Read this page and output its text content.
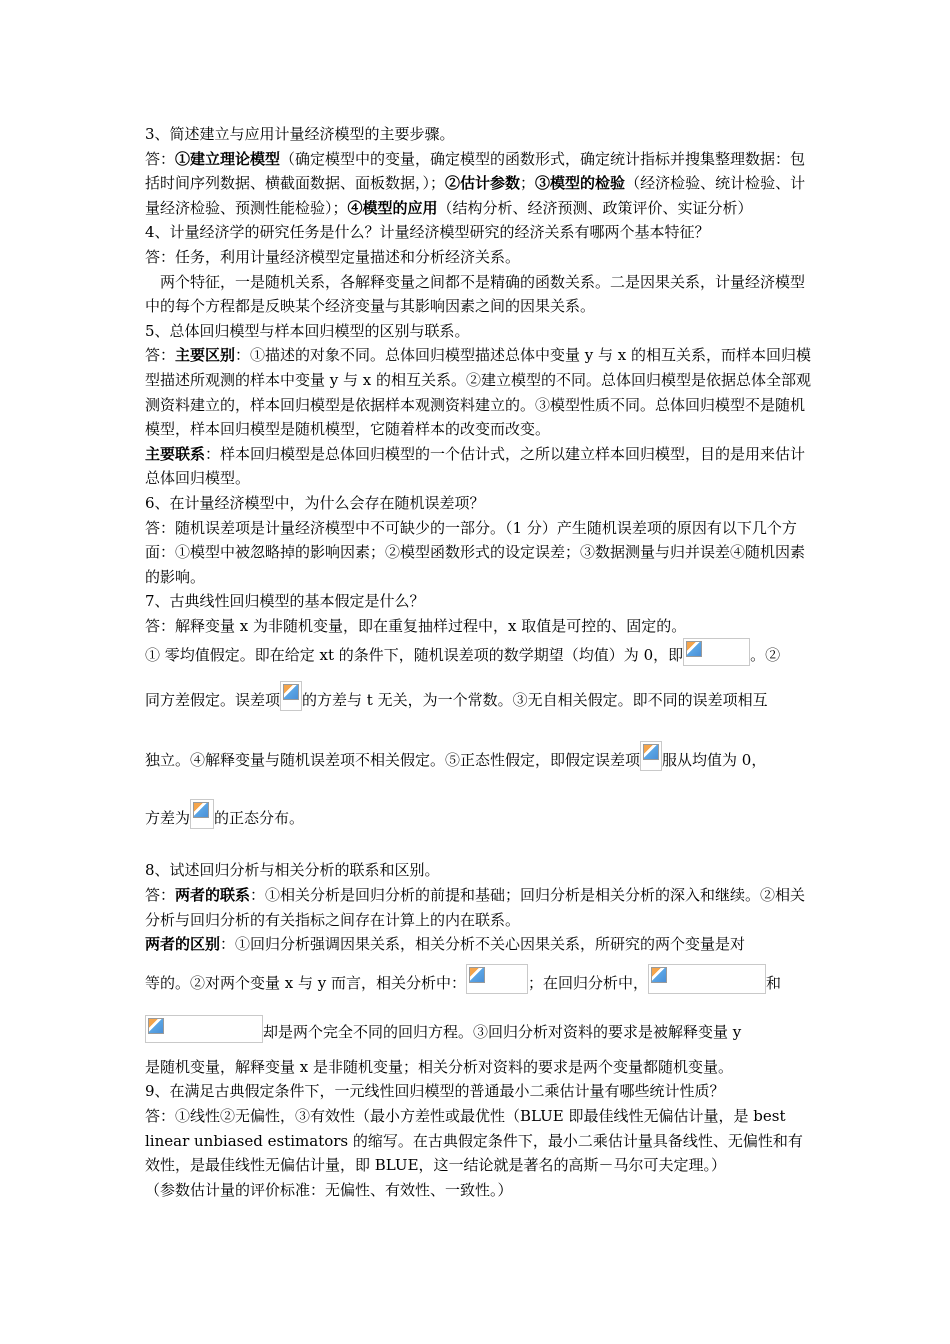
3、简述建立与应用计量经济模型的主要步骤。

答：①建立理论模型（确定模型中的变量，确定模型的函数形式，确定统计指标并搜集整理数据：包括时间序列数据、横截面数据、面板数据，）；②估计参数；③模型的检验（经济检验、统计检验、计量经济检验、预测性能检验）；④模型的应用（结构分析、经济预测、政策评价、实证分析）

4、计量经济学的研究任务是什么？计量经济模型研究的经济关系有哪两个基本特征？

答：任务，利用计量经济模型定量描述和分析经济关系。

两个特征，一是随机关系，各解释变量之间都不是精确的函数关系。二是因果关系，计量经济模型中的每个方程都是反映某个经济变量与其影响因素之间的因果关系。

5、总体回归模型与样本回归模型的区别与联系。

答：主要区别：①描述的对象不同。总体回归模型描述总体中变量 y 与 x 的相互关系，而样本回归模型描述所观测的样本中变量 y 与 x 的相互关系。②建立模型的不同。总体回归模型是依据总体全部观测资料建立的，样本回归模型是依据样本观测资料建立的。③模型性质不同。总体回归模型不是随机模型，样本回归模型是随机模型，它随着样本的改变而改变。

主要联系：样本回归模型是总体回归模型的一个估计式，之所以建立样本回归模型，目的是用来估计总体回归模型。

6、在计量经济模型中，为什么会存在随机误差项？

答：随机误差项是计量经济模型中不可缺少的一部分。（1 分）产生随机误差项的原因有以下几个方面：①模型中被忽略掉的影响因素；②模型函数形式的设定误差；③数据测量与归并误差④随机因素的影响。

7、古典线性回归模型的基本假定是什么？

答：解释变量 x 为非随机变量，即在重复抽样过程中，x 取值是可控的、固定的。

① 零均值假定。即在给定 xt 的条件下，随机误差项的数学期望（均值）为 0，即	。②

同方差假定。误差项 的方差与 t 无关，为一个常数。③无自相关假定。即不同的误差项相互

独立。④解释变量与随机误差项不相关假定。⑤正态性假定，即假定误差项 服从均值为 0，

方差为 的正态分布。

8、试述回归分析与相关分析的联系和区别。

答：两者的联系：①相关分析是回归分析的前提和基础；回归分析是相关分析的深入和继续。②相关分析与回归分析的有关指标之间存在计算上的内在联系。

两者的区别：①回归分析强调因果关系，相关分析不关心因果关系，所研究的两个变量是对

等的。②对两个变量 x 与 y 而言，相关分析中：	；在回归分析中，	和

却是两个完全不同的回归方程。③回归分析对资料的要求是被解释变量 y

是随机变量，解释变量 x 是非随机变量；相关分析对资料的要求是两个变量都随机变量。

9、在满足古典假定条件下，一元线性回归模型的普通最小二乘估计量有哪些统计性质？

答：①线性②无偏性，③有效性（最小方差性或最优性（BLUE 即最佳线性无偏估计量，是 best linear unbiased estimators 的缩写。在古典假定条件下，最小二乘估计量具备线性、无偏性和有效性，是最佳线性无偏估计量，即 BLUE，这一结论就是著名的高斯－马尔可夫定理。）

（参数估计量的评价标准：无偏性、有效性、一致性。）
